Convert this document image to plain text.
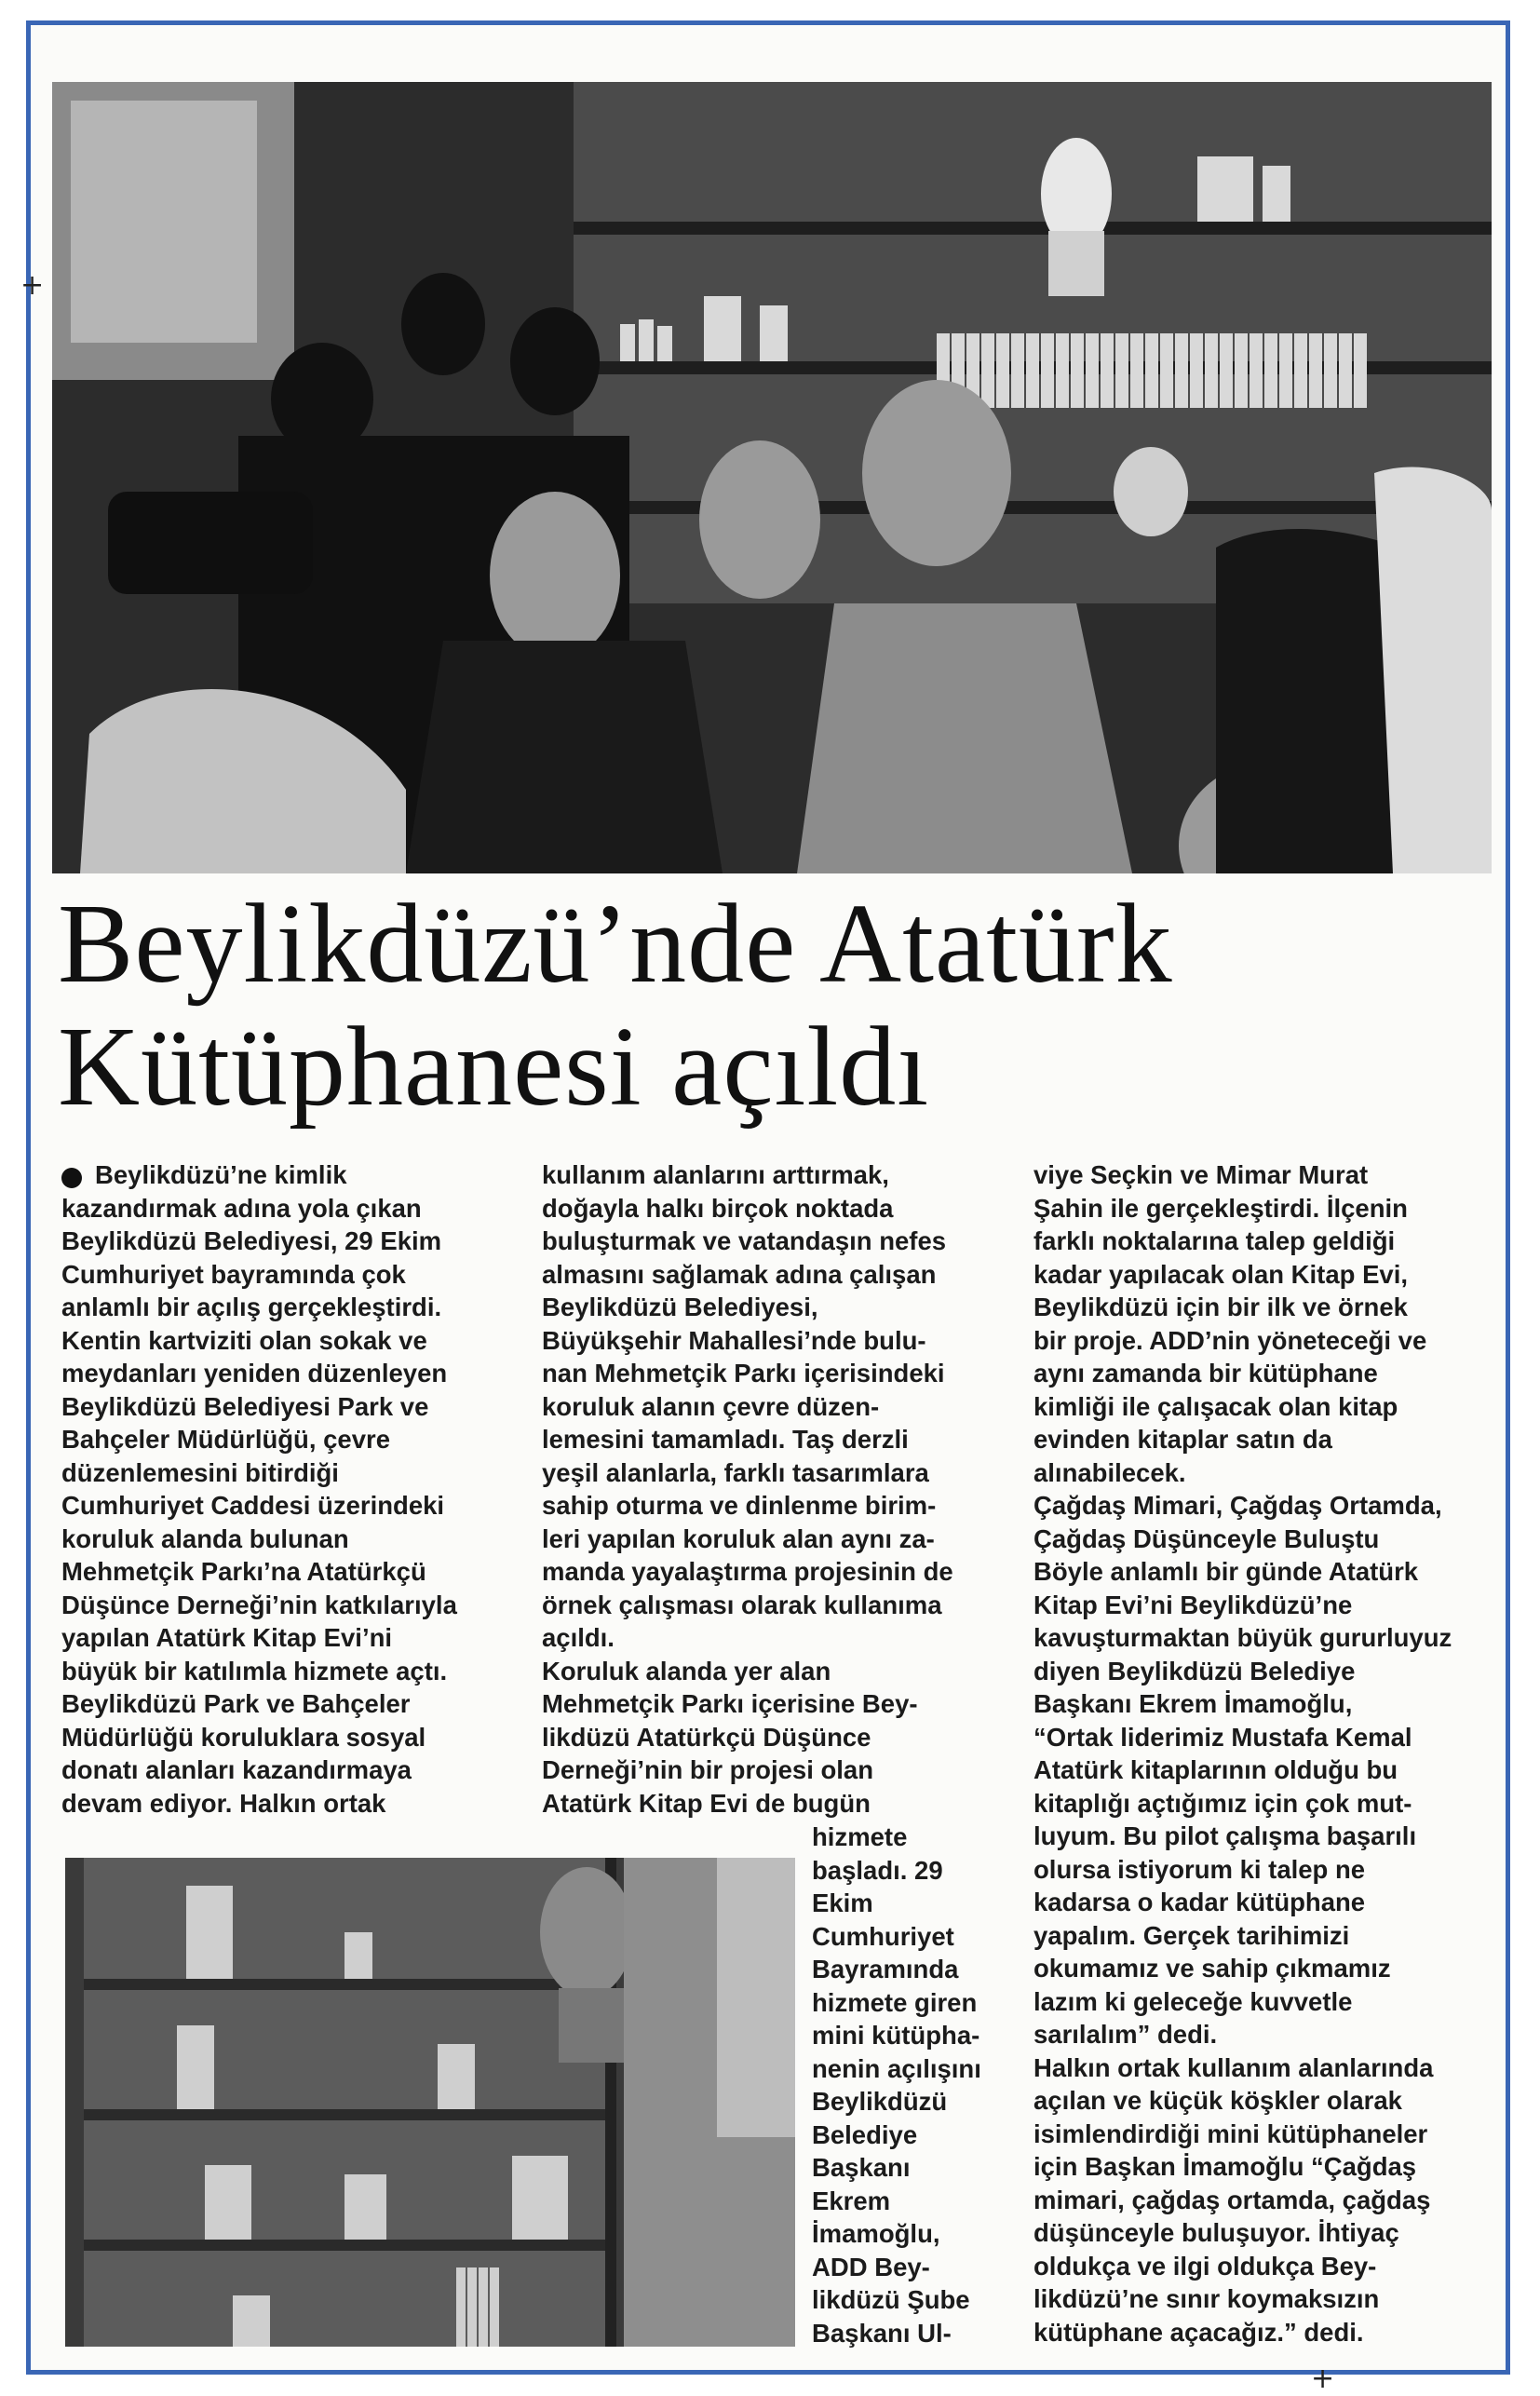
+
+
Beylikdüzü’nde Atatürk
Kütüphanesi açıldı

Beylikdüzü’ne kimlik
kazandırmak adına yola çıkan
Beylikdüzü Belediyesi, 29 Ekim
Cumhuriyet bayramında çok
anlamlı bir açılış gerçekleştirdi.
Kentin kartviziti olan sokak ve
meydanları yeniden düzenleyen
Beylikdüzü Belediyesi Park ve
Bahçeler Müdürlüğü, çevre
düzenlemesini bitirdiği
Cumhuriyet Caddesi üzerindeki
koruluk alanda bulunan
Mehmetçik Parkı’na Atatürkçü
Düşünce Derneği’nin katkılarıyla
yapılan Atatürk Kitap Evi’ni
büyük bir katılımla hizmete açtı.
Beylikdüzü Park ve Bahçeler
Müdürlüğü koruluklara sosyal
donatı alanları kazandırmaya
devam ediyor. Halkın ortak

kullanım alanlarını arttırmak,
doğayla halkı birçok noktada
buluşturmak ve vatandaşın nefes
almasını sağlamak adına çalışan
Beylikdüzü Belediyesi,
Büyükşehir Mahallesi’nde bulu-
nan Mehmetçik Parkı içerisindeki
koruluk alanın çevre düzen-
lemesini tamamladı. Taş derzli
yeşil alanlarla, farklı tasarımlara
sahip oturma ve dinlenme birim-
leri yapılan koruluk alan aynı za-
manda yayalaştırma projesinin de
örnek çalışması olarak kullanıma
açıldı.
Koruluk alanda yer alan
Mehmetçik Parkı içerisine Bey-
likdüzü Atatürkçü Düşünce
Derneği’nin bir projesi olan
Atatürk Kitap Evi de bugün

hizmete
başladı. 29
Ekim
Cumhuriyet
Bayramında
hizmete giren
mini kütüpha-
nenin açılışını
Beylikdüzü
Belediye
Başkanı
Ekrem
İmamoğlu,
ADD Bey-
likdüzü Şube
Başkanı Ul-

viye Seçkin ve Mimar Murat
Şahin ile gerçekleştirdi. İlçenin
farklı noktalarına talep geldiği
kadar yapılacak olan Kitap Evi,
Beylikdüzü için bir ilk ve örnek
bir proje. ADD’nin yöneteceği ve
aynı zamanda bir kütüphane
kimliği ile çalışacak olan kitap
evinden kitaplar satın da
alınabilecek.
Çağdaş Mimari, Çağdaş Ortamda,
Çağdaş Düşünceyle Buluştu
Böyle anlamlı bir günde Atatürk
Kitap Evi’ni Beylikdüzü’ne
kavuşturmaktan büyük gururluyuz
diyen Beylikdüzü Belediye
Başkanı Ekrem İmamoğlu,
“Ortak liderimiz Mustafa Kemal
Atatürk kitaplarının olduğu bu
kitaplığı açtığımız için çok mut-
luyum. Bu pilot çalışma başarılı
olursa istiyorum ki talep ne
kadarsa o kadar kütüphane
yapalım. Gerçek tarihimizi
okumamız ve sahip çıkmamız
lazım ki geleceğe kuvvetle
sarılalım” dedi.
Halkın ortak kullanım alanlarında
açılan ve küçük köşkler olarak
isimlendirdiği mini kütüphaneler
için Başkan İmamoğlu “Çağdaş
mimari, çağdaş ortamda, çağdaş
düşünceyle buluşuyor. İhtiyaç
oldukça ve ilgi oldukça Bey-
likdüzü’ne sınır koymaksızın
kütüphane açacağız.” dedi.
